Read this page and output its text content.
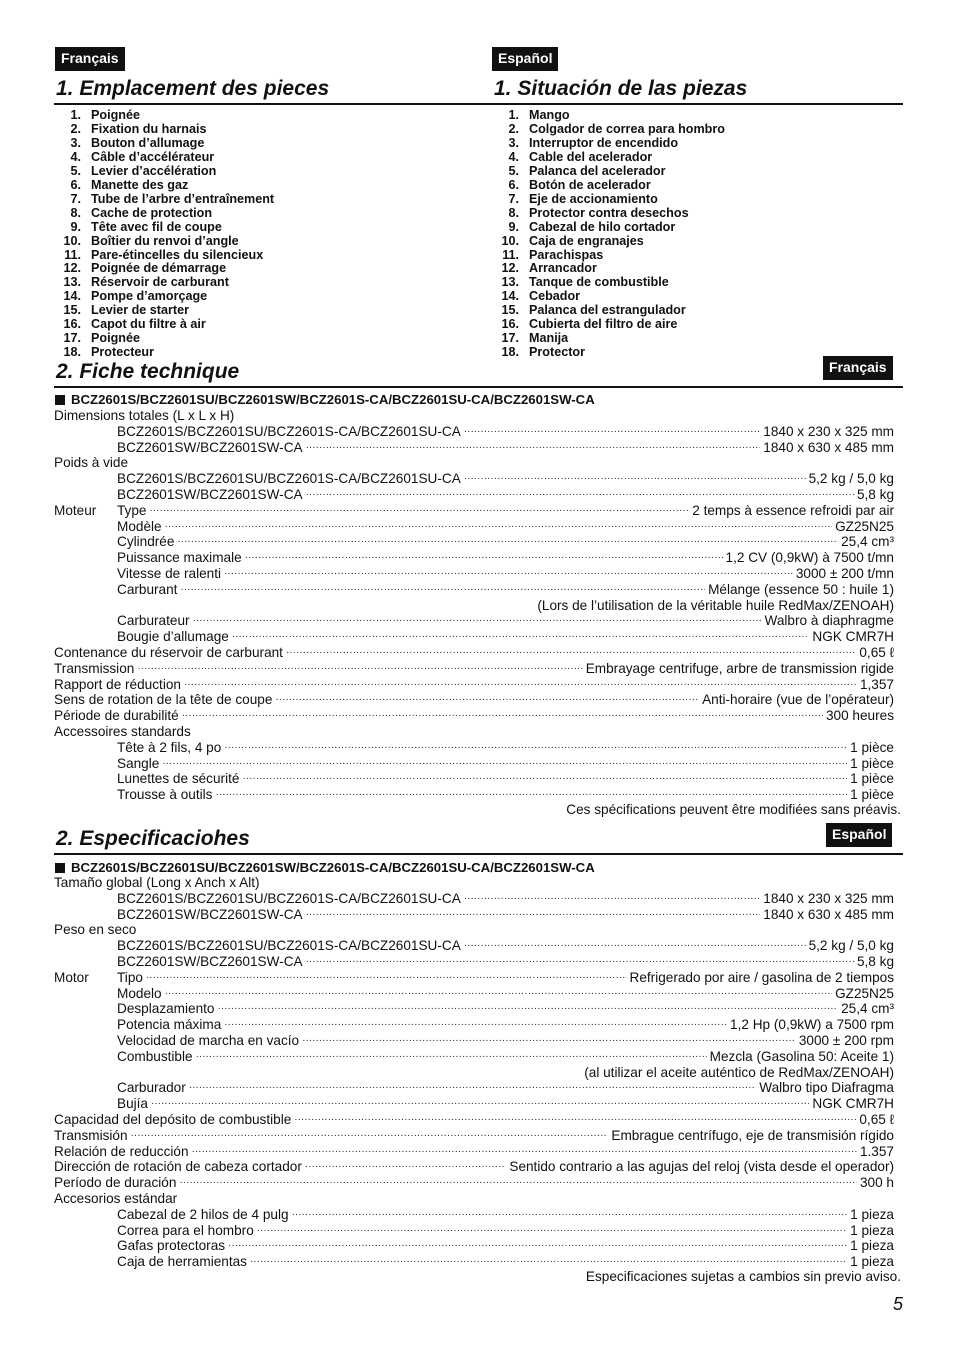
Français	Español
1. Emplacement des pieces	1. Situación de las piezas
1. Poignée
2. Fixation du harnais
3. Bouton d’allumage
4. Câble d’accélérateur
5. Levier d’accélération
6. Manette des gaz
7. Tube de l’arbre d’entraînement
8. Cache de protection
9. Tête avec fil de coupe
10. Boîtier du renvoi d’angle
11. Pare-étincelles du silencieux
12. Poignée de démarrage
13. Réservoir de carburant
14. Pompe d’amorçage
15. Levier de starter
16. Capot du filtre à air
17. Poignée
18. Protecteur
1. Mango
2. Colgador de correa para hombro
3. Interruptor de encendido
4. Cable del acelerador
5. Palanca del acelerador
6. Botón de acelerador
7. Eje de accionamiento
8. Protector contra desechos
9. Cabezal de hilo cortador
10. Caja de engranajes
11. Parachispas
12. Arrancador
13. Tanque de combustible
14. Cebador
15. Palanca del estrangulador
16. Cubierta del filtro de aire
17. Manija
18. Protector
2. Fiche technique	Français
BCZ2601S/BCZ2601SU/BCZ2601SW/BCZ2601S-CA/BCZ2601SU-CA/BCZ2601SW-CA
Dimensions totales (L x L x H)
BCZ2601S/BCZ2601SU/BCZ2601S-CA/BCZ2601SU-CA ·····	1840 x 230 x 325 mm
BCZ2601SW/BCZ2601SW-CA ·····	1840 x 630 x 485 mm
Poids à vide
BCZ2601S/BCZ2601SU/BCZ2601S-CA/BCZ2601SU-CA ·····	5,2 kg / 5,0 kg
BCZ2601SW/BCZ2601SW-CA ·····	5,8 kg
Moteur	Type ·····	2 temps à essence refroidi par air
Modèle ·····	GZ25N25
Cylindrée ·····	25,4 cm³
Puissance maximale ·····	1,2 CV (0,9kW) à 7500 t/mn
Vitesse de ralenti ·····	3000 ± 200 t/mn
Carburant ·····	Mélange (essence 50 : huile 1)
(Lors de l’utilisation de la véritable huile RedMax/ZENOAH)
Carburateur ·····	Walbro à diaphragme
Bougie d’allumage ·····	NGK CMR7H
Contenance du réservoir de carburant ·····	0,65 ℓ
Transmission ·····	Embrayage centrifuge, arbre de transmission rigide
Rapport de réduction ·····	1,357
Sens de rotation de la tête de coupe ·····	Anti-horaire (vue de l’opérateur)
Période de durabilité ·····	300 heures
Accessoires standards
Tête à 2 fils, 4 po ·····	1 pièce
Sangle ·····	1 pièce
Lunettes de sécurité ·····	1 pièce
Trousse à outils ·····	1 pièce
Ces spécifications peuvent être modifiées sans préavis.
2. Especificaciohes	Español
BCZ2601S/BCZ2601SU/BCZ2601SW/BCZ2601S-CA/BCZ2601SU-CA/BCZ2601SW-CA
Tamaño global (Long x Anch x Alt)
BCZ2601S/BCZ2601SU/BCZ2601S-CA/BCZ2601SU-CA ·····	1840 x 230 x 325 mm
BCZ2601SW/BCZ2601SW-CA ·····	1840 x 630 x 485 mm
Peso en seco
BCZ2601S/BCZ2601SU/BCZ2601S-CA/BCZ2601SU-CA ·····	5,2 kg / 5,0 kg
BCZ2601SW/BCZ2601SW-CA ·····	5,8 kg
Motor	Tipo ·····	Refrigerado por aire / gasolina de 2 tiempos
Modelo ·····	GZ25N25
Desplazamiento ·····	25,4 cm³
Potencia máxima ·····	1,2 Hp (0,9kW) a 7500 rpm
Velocidad de marcha en vacío ·····	3000 ± 200 rpm
Combustible ·····	Mezcla (Gasolina 50: Aceite 1)
(al utilizar el aceite auténtico de RedMax/ZENOAH)
Carburador ·····	Walbro tipo Diafragma
Bujía ·····	NGK CMR7H
Capacidad del depósito de combustible ·····	0,65 ℓ
Transmisión ·····	Embrague centrífugo, eje de transmisión rígido
Relación de reducción ·····	1.357
Dirección de rotación de cabeza cortador ·····	Sentido contrario a las agujas del reloj (vista desde el operador)
Período de duración ·····	300 h
Accesorios estándar
Cabezal de 2 hilos de 4 pulg ·····	1 pieza
Correa para el hombro ·····	1 pieza
Gafas protectoras ·····	1 pieza
Caja de herramientas ·····	1 pieza
Especificaciones sujetas a cambios sin previo aviso.
5
